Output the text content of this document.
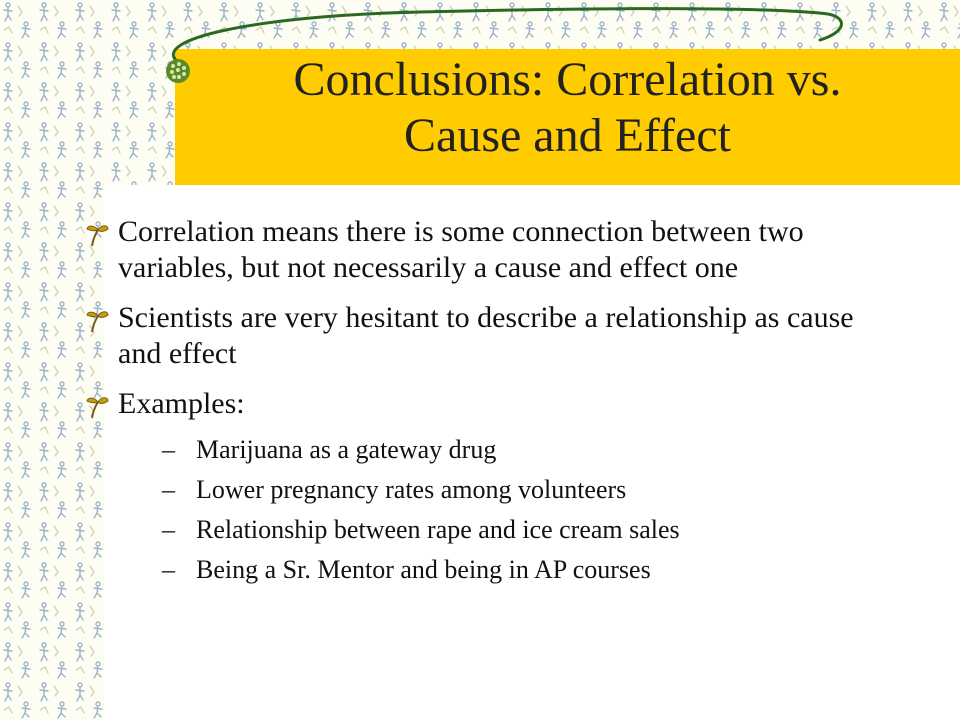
Conclusions: Correlation vs.
Cause and Effect
Correlation means there is some connection between two variables, but not necessarily a cause and effect one
Scientists are very hesitant to describe a relationship as cause and effect
Examples:
– Marijuana as a gateway drug
– Lower pregnancy rates among volunteers
– Relationship between rape and ice cream sales
– Being a Sr. Mentor and being in AP courses
